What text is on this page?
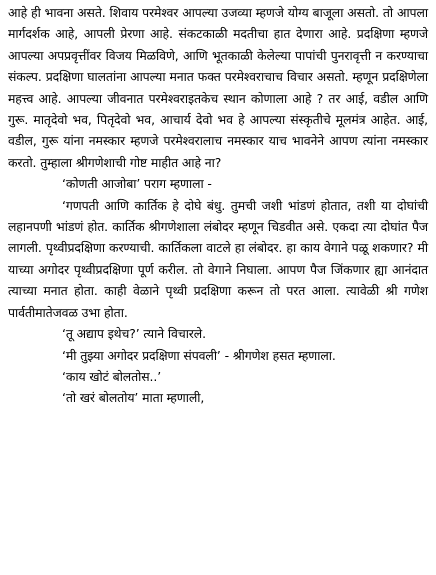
आहे ही भावना असते. शिवाय परमेश्वर आपल्या उजव्या म्हणजे योग्य बाजूला असतो. तो आपला मार्गदर्शक आहे, आपली प्रेरणा आहे. संकटकाळी मदतीचा हात देणारा आहे. प्रदक्षिणा म्हणजे आपल्या अपप्रवृत्तींवर विजय मिळविणे, आणि भूतकाळी केलेल्या पापांची पुनरावृत्ती न करण्याचा संकल्प. प्रदक्षिणा घालतांना आपल्या मनात फक्त परमेश्वराचाच विचार असतो. म्हणून प्रदक्षिणेला महत्त्व आहे. आपल्या जीवनात परमेश्वराइतकेच स्थान कोणाला आहे ? तर आई, वडील आणि गुरू. मातृदेवो भव, पितृदेवो भव, आचार्य देवो भव हे आपल्या संस्कृतीचे मूलमंत्र आहेत. आई, वडील, गुरू यांना नमस्कार म्हणजे परमेश्वरालाच नमस्कार याच भावनेने आपण त्यांना नमस्कार करतो. तुम्हाला श्रीगणेशाची गोष्ट माहीत आहे ना?

‘कोणती आजोबा’ पराग म्हणाला -

‘गणपती आणि कार्तिक हे दोघे बंधु. तुमची जशी भांडणं होतात, तशी या दोघांची लहानपणी भांडणं होत. कार्तिक श्रीगणेशाला लंबोदर म्हणून चिडवीत असे. एकदा त्या दोघांत पैज लागली. पृथ्वीप्रदक्षिणा करण्याची. कार्तिकला वाटले हा लंबोदर. हा काय वेगाने पळू शकणार? मी याच्या अगोदर पृथ्वीप्रदक्षिणा पूर्ण करील. तो वेगाने निघाला. आपण पैज जिंकणार ह्या आनंदात त्याच्या मनात होता. काही वेळाने पृथ्वी प्रदक्षिणा करून तो परत आला. त्यावेळी श्री गणेश पार्वतीमातेजवळ उभा होता.

‘तू अद्याप इथेच?’ त्याने विचारले.

‘मी तुझ्या अगोदर प्रदक्षिणा संपवली’ - श्रीगणेश हसत म्हणाला.

‘काय खोटं बोलतोस..’

‘तो खरं बोलतोय’ माता म्हणाली,
